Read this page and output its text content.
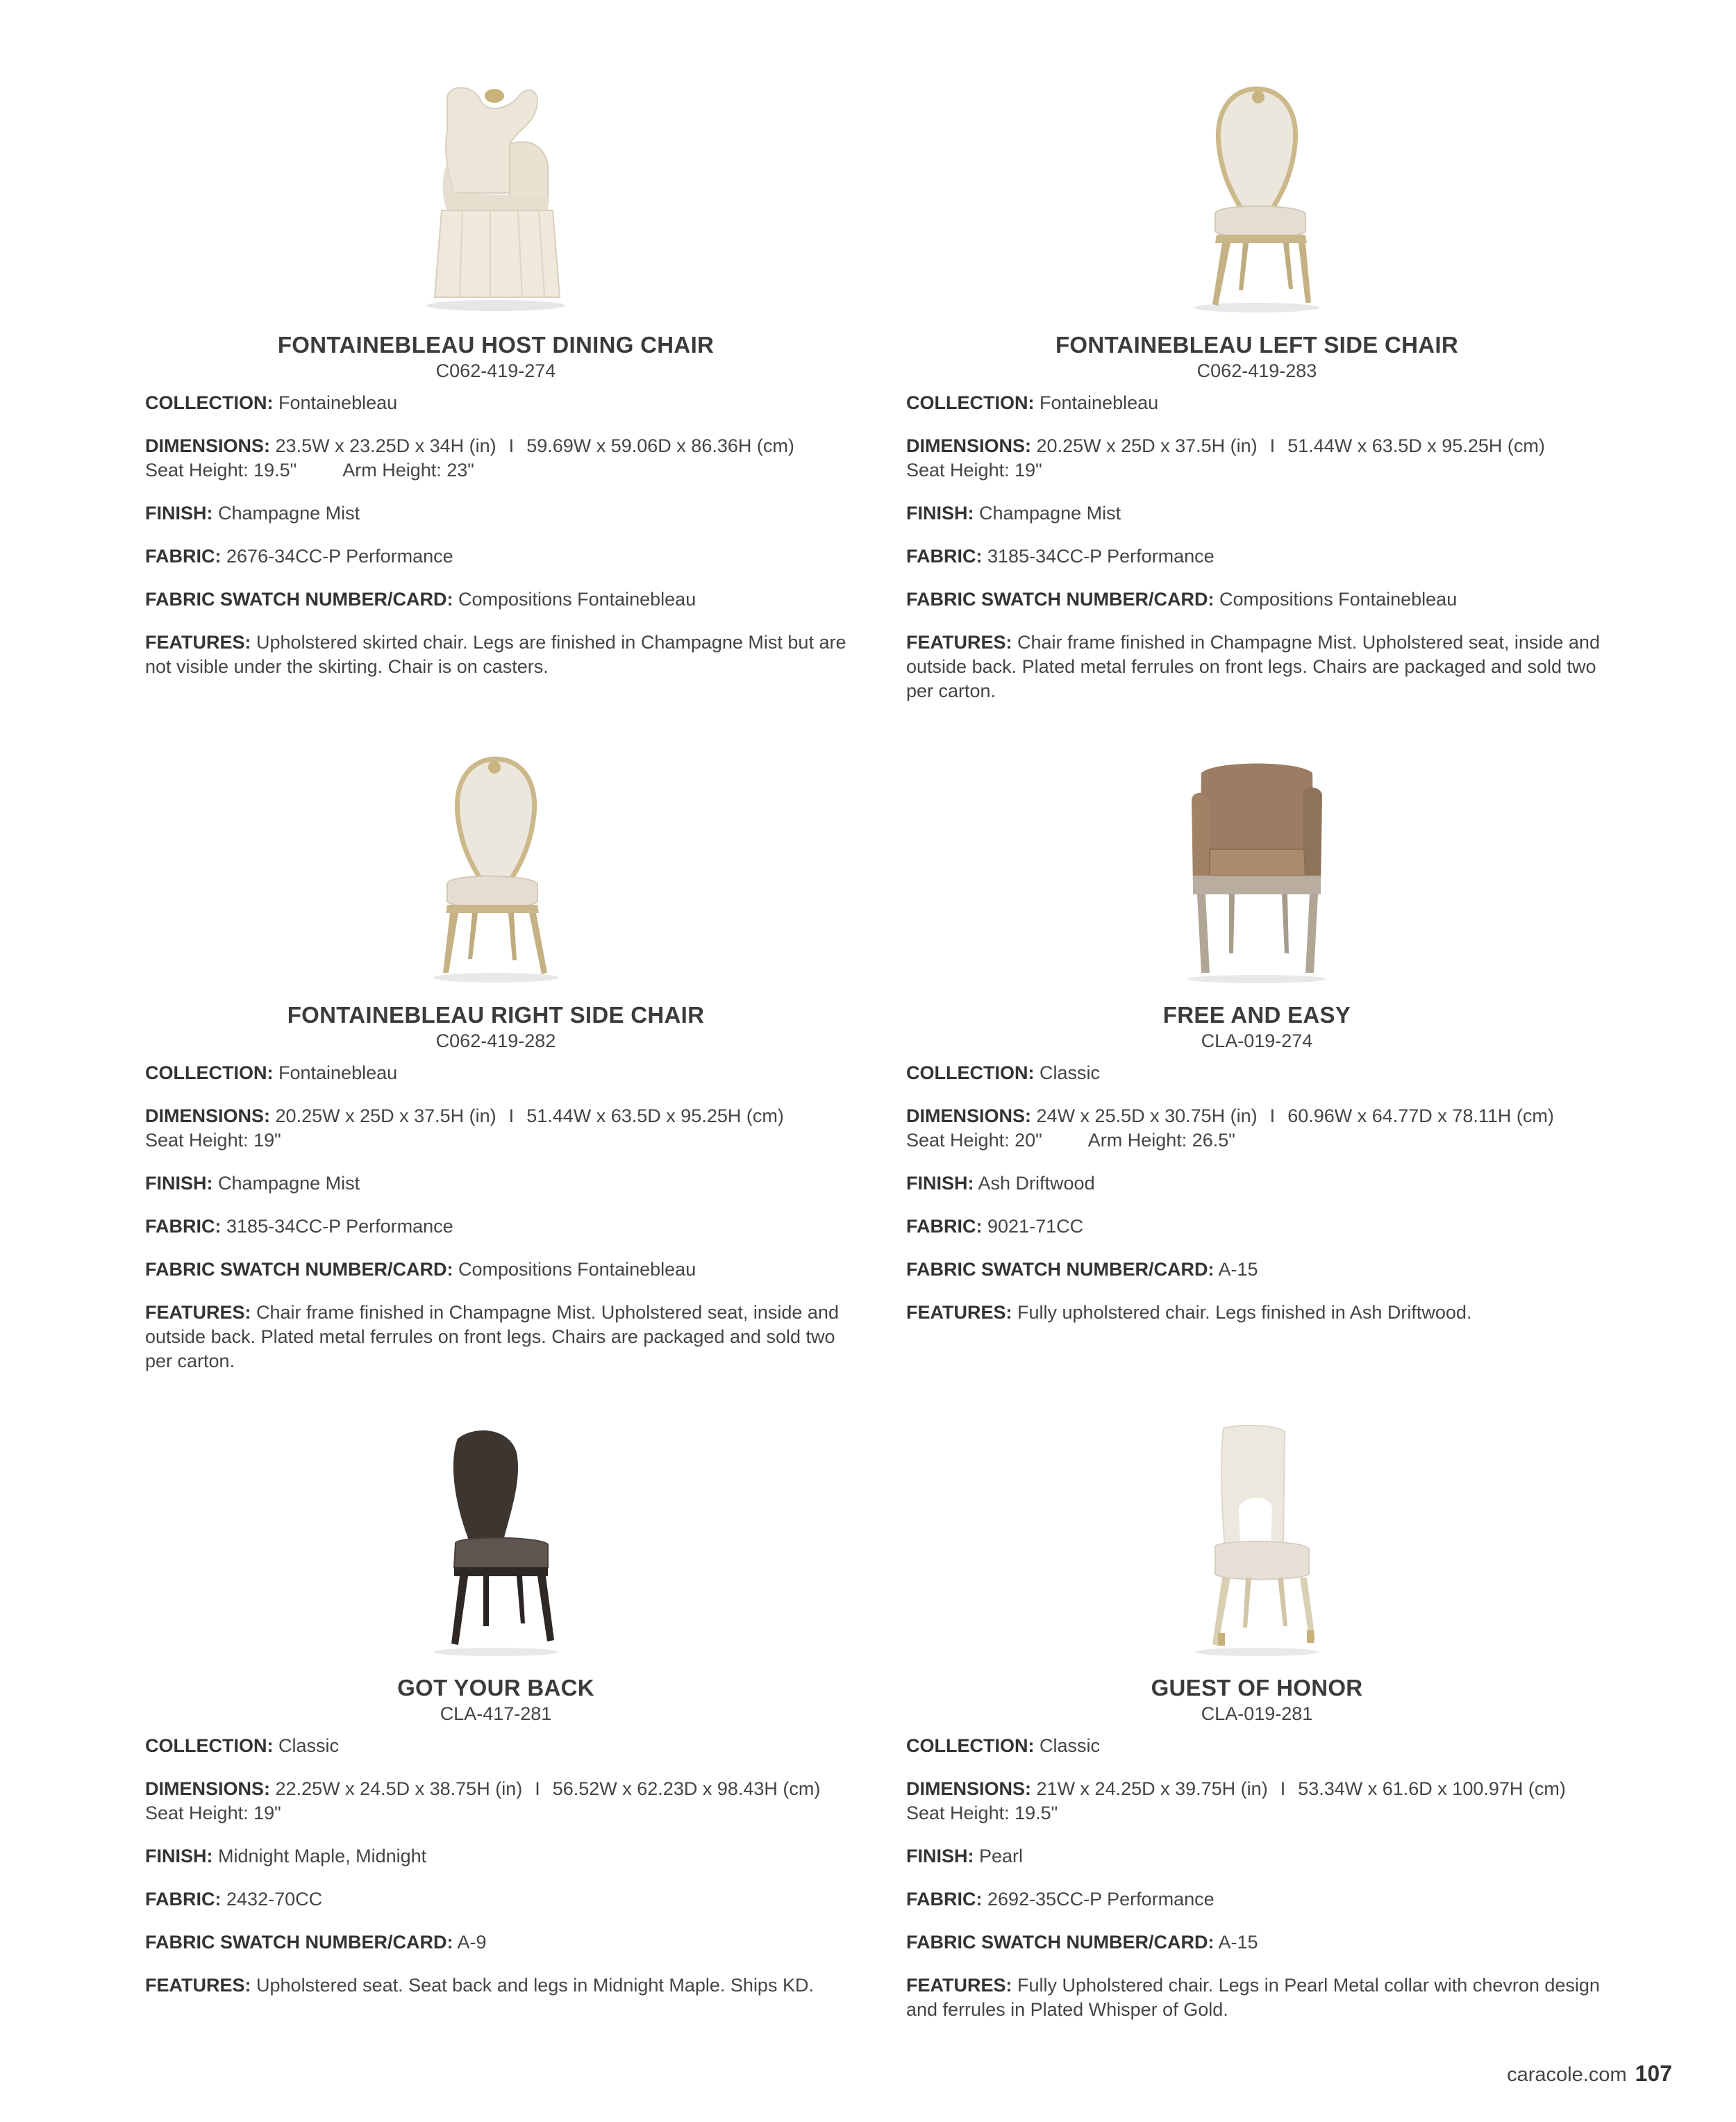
FONTAINEBLEAU HOST DINING CHAIR
C062-419-274
COLLECTION: Fontainebleau
DIMENSIONS: 23.5W x 23.25D x 34H (in) I 59.69W x 59.06D x 86.36H (cm)
Seat Height: 19.5" Arm Height: 23"
FINISH: Champagne Mist
FABRIC: 2676-34CC-P Performance
FABRIC SWATCH NUMBER/CARD: Compositions Fontainebleau
FEATURES: Upholstered skirted chair. Legs are finished in Champagne Mist but are not visible under the skirting. Chair is on casters.
FONTAINEBLEAU LEFT SIDE CHAIR
C062-419-283
COLLECTION: Fontainebleau
DIMENSIONS: 20.25W x 25D x 37.5H (in) I 51.44W x 63.5D x 95.25H (cm)
Seat Height: 19"
FINISH: Champagne Mist
FABRIC: 3185-34CC-P Performance
FABRIC SWATCH NUMBER/CARD: Compositions Fontainebleau
FEATURES: Chair frame finished in Champagne Mist. Upholstered seat, inside and outside back. Plated metal ferrules on front legs. Chairs are packaged and sold two per carton.
FONTAINEBLEAU RIGHT SIDE CHAIR
C062-419-282
COLLECTION: Fontainebleau
DIMENSIONS: 20.25W x 25D x 37.5H (in) I 51.44W x 63.5D x 95.25H (cm)
Seat Height: 19"
FINISH: Champagne Mist
FABRIC: 3185-34CC-P Performance
FABRIC SWATCH NUMBER/CARD: Compositions Fontainebleau
FEATURES: Chair frame finished in Champagne Mist. Upholstered seat, inside and outside back. Plated metal ferrules on front legs. Chairs are packaged and sold two per carton.
FREE AND EASY
CLA-019-274
COLLECTION: Classic
DIMENSIONS: 24W x 25.5D x 30.75H (in) I 60.96W x 64.77D x 78.11H (cm)
Seat Height: 20" Arm Height: 26.5"
FINISH: Ash Driftwood
FABRIC: 9021-71CC
FABRIC SWATCH NUMBER/CARD: A-15
FEATURES: Fully upholstered chair. Legs finished in Ash Driftwood.
GOT YOUR BACK
CLA-417-281
COLLECTION: Classic
DIMENSIONS: 22.25W x 24.5D x 38.75H (in) I 56.52W x 62.23D x 98.43H (cm)
Seat Height: 19"
FINISH: Midnight Maple, Midnight
FABRIC: 2432-70CC
FABRIC SWATCH NUMBER/CARD: A-9
FEATURES: Upholstered seat. Seat back and legs in Midnight Maple. Ships KD.
GUEST OF HONOR
CLA-019-281
COLLECTION: Classic
DIMENSIONS: 21W x 24.25D x 39.75H (in) I 53.34W x 61.6D x 100.97H (cm)
Seat Height: 19.5"
FINISH: Pearl
FABRIC: 2692-35CC-P Performance
FABRIC SWATCH NUMBER/CARD: A-15
FEATURES: Fully Upholstered chair. Legs in Pearl Metal collar with chevron design and ferrules in Plated Whisper of Gold.
caracole.com 107
